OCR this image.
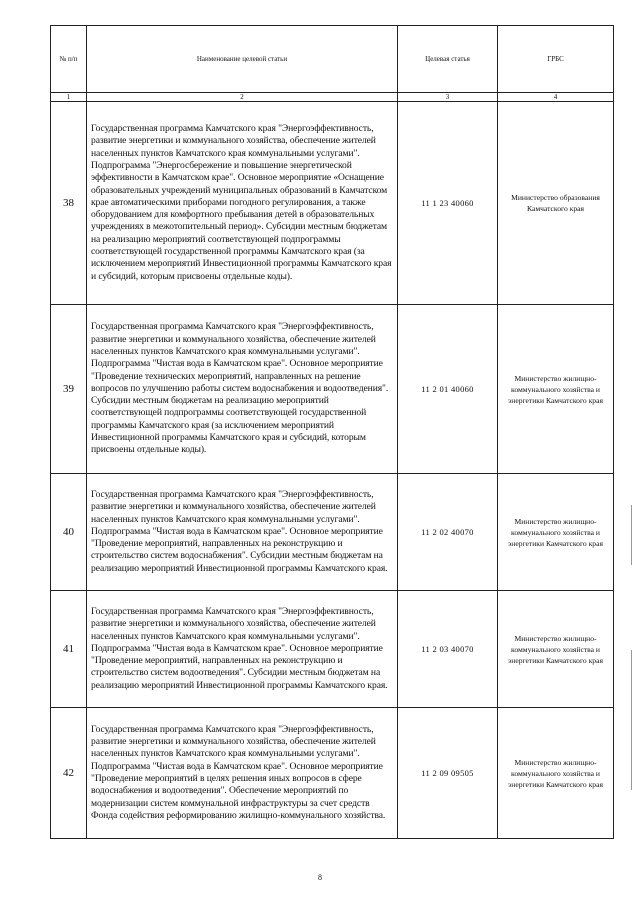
№ п/п	Наименование целевой статьи	Целевая статья	ГРБС
1	2	3	4
38	Государственная программа Камчатского края "Энергоэффективность, развитие энергетики и коммунального хозяйства, обеспечение жителей населенных пунктов Камчатского края коммунальными услугами". Подпрограмма "Энергосбережение и повышение энергетической эффективности в Камчатском крае". Основное мероприятие «Оснащение образовательных учреждений муниципальных образований в Камчатском крае автоматическими приборами погодного регулирования, а также оборудованием для комфортного пребывания детей в образовательных учреждениях в межотопительный период». Субсидии местным бюджетам на реализацию мероприятий соответствующей подпрограммы соответствующей государственной программы Камчатского края (за исключением мероприятий Инвестиционной программы Камчатского края и субсидий, которым присвоены отдельные коды).	11 1 23 40060	Министерство образования Камчатского края
39	Государственная программа Камчатского края "Энергоэффективность, развитие энергетики и коммунального хозяйства, обеспечение жителей населенных пунктов Камчатского края коммунальными услугами". Подпрограмма "Чистая вода в Камчатском крае". Основное мероприятие "Проведение технических мероприятий, направленных на решение вопросов по улучшению работы систем водоснабжения и водоотведения". Субсидии местным бюджетам на реализацию мероприятий соответствующей подпрограммы соответствующей государственной программы Камчатского края (за исключением мероприятий Инвестиционной программы Камчатского края и субсидий, которым присвоены отдельные коды).	11 2 01 40060	Министерство жилищно-коммунального хозяйства и энергетики Камчатского края
40	Государственная программа Камчатского края "Энергоэффективность, развитие энергетики и коммунального хозяйства, обеспечение жителей населенных пунктов Камчатского края коммунальными услугами". Подпрограмма "Чистая вода в Камчатском крае". Основное мероприятие "Проведение мероприятий, направленных на реконструкцию и строительство систем водоснабжения". Субсидии местным бюджетам на реализацию мероприятий Инвестиционной программы Камчатского края.	11 2 02 40070	Министерство жилищно-коммунального хозяйства и энергетики Камчатского края
41	Государственная программа Камчатского края "Энергоэффективность, развитие энергетики и коммунального хозяйства, обеспечение жителей населенных пунктов Камчатского края коммунальными услугами". Подпрограмма "Чистая вода в Камчатском крае". Основное мероприятие "Проведение мероприятий, направленных на реконструкцию и строительство систем водоотведения". Субсидии местным бюджетам на реализацию мероприятий Инвестиционной программы Камчатского края.	11 2 03 40070	Министерство жилищно-коммунального хозяйства и энергетики Камчатского края
42	Государственная программа Камчатского края "Энергоэффективность, развитие энергетики и коммунального хозяйства, обеспечение жителей населенных пунктов Камчатского края коммунальными услугами". Подпрограмма "Чистая вода в Камчатском крае". Основное мероприятие "Проведение мероприятий в целях решения иных вопросов в сфере водоснабжения и водоотведения". Обеспечение мероприятий по модернизации систем коммунальной инфраструктуры за счет средств Фонда содействия реформированию жилищно-коммунального хозяйства.	11 2 09 09505	Министерство жилищно-коммунального хозяйства и энергетики Камчатского края
8
